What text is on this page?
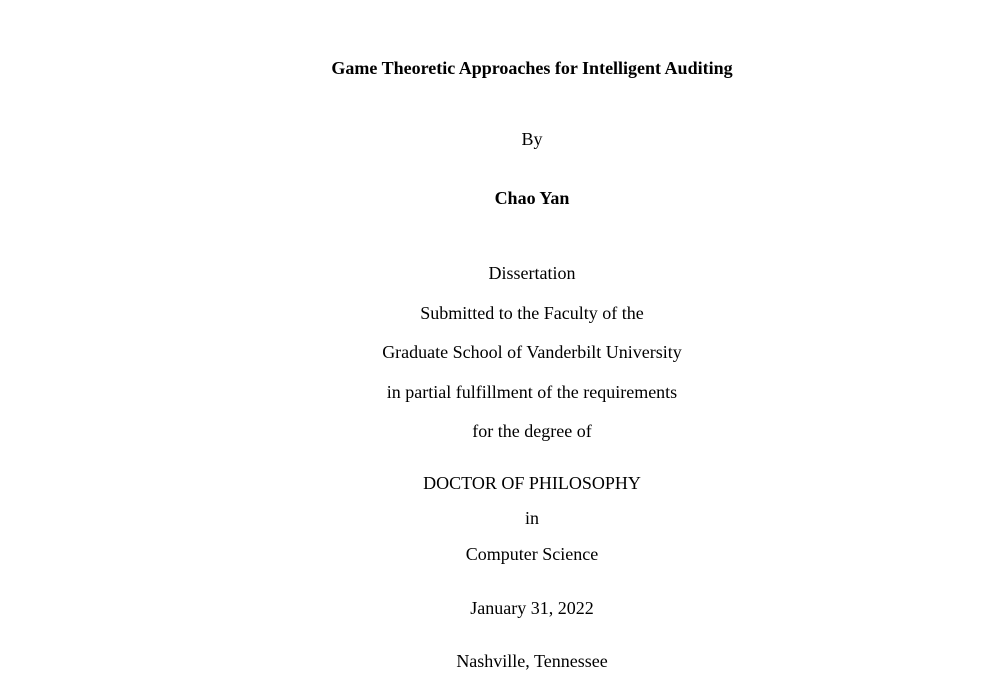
Game Theoretic Approaches for Intelligent Auditing
By
Chao Yan
Dissertation
Submitted to the Faculty of the
Graduate School of Vanderbilt University
in partial fulfillment of the requirements
for the degree of
DOCTOR OF PHILOSOPHY
in
Computer Science
January 31, 2022
Nashville, Tennessee
